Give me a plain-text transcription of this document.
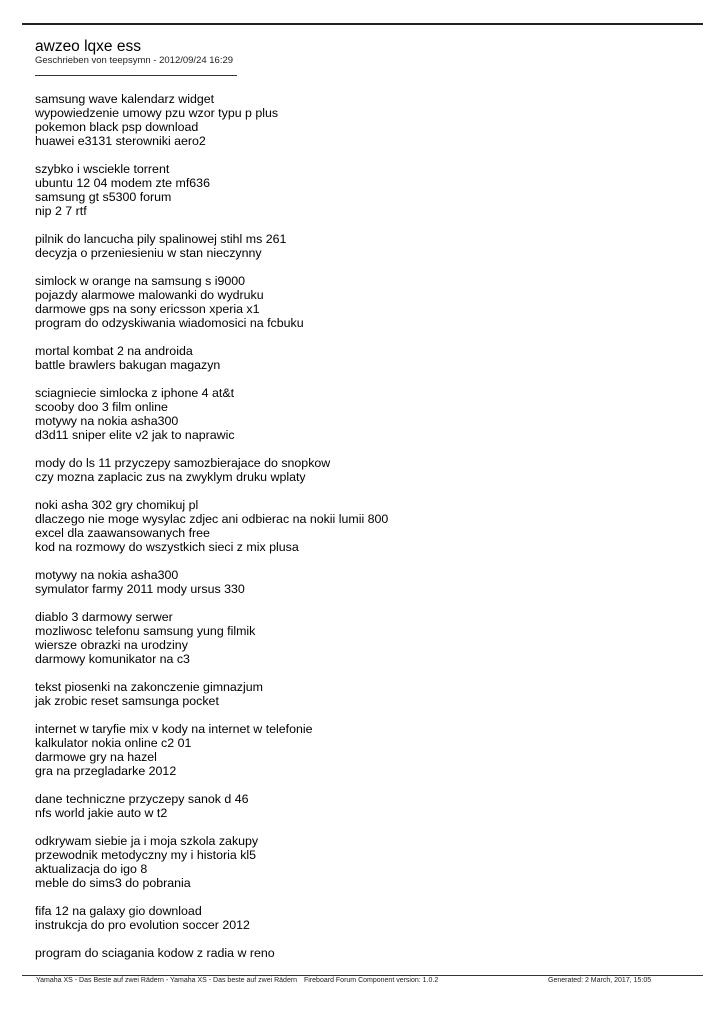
awzeo lqxe ess
Geschrieben von teepsymn - 2012/09/24 16:29
samsung wave kalendarz widget
wypowiedzenie umowy pzu wzor typu p plus
pokemon black psp download
huawei e3131 sterowniki aero2
szybko i wsciekle torrent
ubuntu 12 04 modem zte mf636
samsung gt s5300 forum
nip 2 7 rtf
pilnik do lancucha pily spalinowej stihl ms 261
decyzja o przeniesieniu w stan nieczynny
simlock w orange na samsung s i9000
pojazdy alarmowe malowanki do wydruku
darmowe gps na sony ericsson xperia x1
program do odzyskiwania wiadomosici na fcbuku
mortal kombat 2 na androida
battle brawlers bakugan magazyn
sciagniecie simlocka z iphone 4 at&t
scooby doo 3 film online
motywy na nokia asha300
d3d11 sniper elite v2 jak to naprawic
mody do ls 11 przyczepy samozbierajace do snopkow
czy mozna zaplacic zus na zwyklym druku wplaty
noki asha 302 gry chomikuj pl
dlaczego nie moge wysylac zdjec ani odbierac na nokii lumii 800
excel dla zaawansowanych free
kod na rozmowy do wszystkich sieci z mix plusa
motywy na nokia asha300
symulator farmy 2011 mody ursus 330
diablo 3 darmowy serwer
mozliwosc telefonu samsung yung filmik
wiersze obrazki na urodziny
darmowy komunikator na c3
tekst piosenki na zakonczenie gimnazjum
jak zrobic reset samsunga pocket
internet w taryfie mix v kody na internet w telefonie
kalkulator nokia online c2 01
darmowe gry na hazel
gra na przegladarke 2012
dane techniczne przyczepy sanok d 46
nfs world jakie auto w t2
odkrywam siebie ja i moja szkola zakupy
przewodnik metodyczny my i historia kl5
aktualizacja do igo 8
meble do sims3 do pobrania
fifa 12 na galaxy gio download
instrukcja do pro evolution soccer 2012
program do sciagania kodow z radia w reno
Yamaha XS - Das Beste auf zwei Rädern - Yamaha XS - Das beste auf zwei Rädern Fireboard Forum Component version: 1.0.2	Generated: 2 March, 2017, 15:05
